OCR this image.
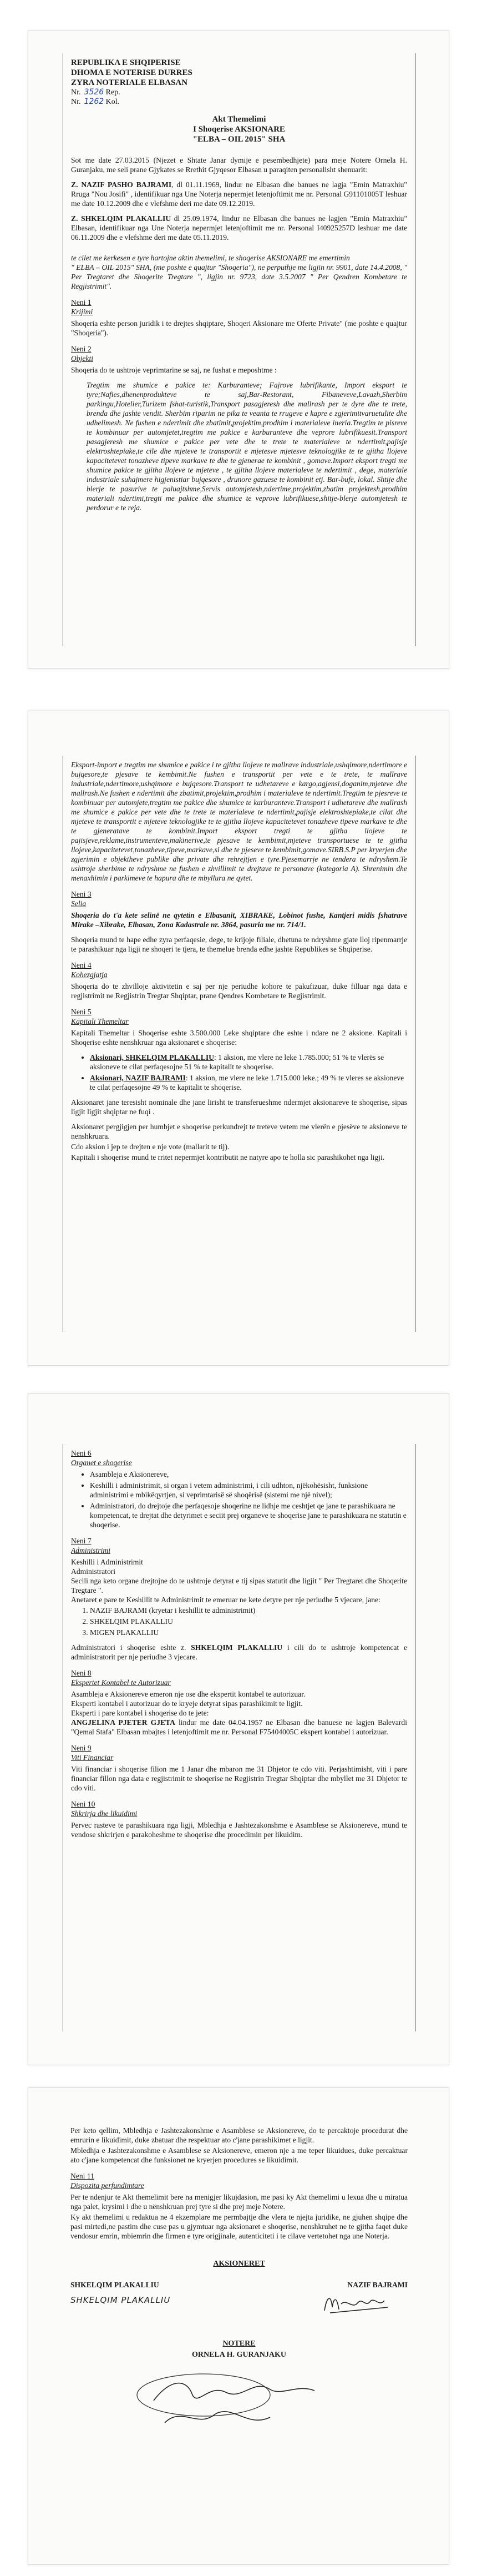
REPUBLIKA E SHQIPERISE
DHOMA E NOTERISE DURRES
ZYRA NOTERIALE ELBASAN
Nr. 3526 Rep.
Nr. 1262 Kol.
Akt Themelimi
I Shoqerise AKSIONARE
"ELBA – OIL 2015" SHA

Sot me date 27.03.2015 (Njezet e Shtate Janar dymije e pesembedhjete) para meje Notere Ornela H. Guranjaku, me seli prane Gjykates se Rrethit Gjyqesor Elbasan u paraqiten personalisht shenuarit:

Z. NAZIF PASHO BAJRAMI, dl 01.11.1969, lindur ne Elbasan dhe banues ne lagja "Emin Matraxhiu" Rruga "Nou Josifi" , identifikuar nga Une Noterja nepermjet letenjoftimit me nr. Personal G91101005T leshuar me date 10.12.2009 dhe e vlefshme deri me date 09.12.2019.

Z. SHKELQIM PLAKALLIU dl 25.09.1974, lindur ne Elbasan dhe banues ne lagjen "Emin Matraxhiu" Elbasan, identifikuar nga Une Noterja nepermjet letenjoftimit me nr. Personal I40925257D leshuar me date 06.11.2009 dhe e vlefshme deri me date 05.11.2019.

te cilet me kerkesen e tyre hartojne aktin themelimi, te shoqerise AKSIONARE me emertimin

" ELBA – OIL 2015" SHA, (me poshte e quajtur "Shoqeria"), ne perputhje me ligjin nr. 9901, date 14.4.2008, " Per Tregtaret dhe Shoqerite Tregtare ", ligjin nr. 9723, date 3.5.2007 " Per Qendren Kombetare te Regjistrimit".

Neni 1
Krijimi

Shoqeria eshte person juridik i te drejtes shqiptare, Shoqeri Aksionare me Oferte Private" (me poshte e quajtur "Shoqeria").

Neni 2
Objekti

Shoqeria do te ushtroje veprimtarine se saj, ne fushat e meposhtme :

Tregtim me shumice e pakice te: Karburanteve; Fajrove lubrifikante, Import eksport te tyre;Nafies,dhenenprodukteve te saj,Bar-Restorant, Fibaneveve,Lavazh,Sherbim parkingu,Hotelier,Turizem fshat-turistik,Transport pasagjeresh dhe mallrash per te dyre dhe te trete, brenda dhe jashte vendit. Sherbim riparim ne pika te veanta te rrugeve e kapre e zgjerimitvaruetulite dhe udhelimesh. Ne fushen e ndertimit dhe zbatimit,projektim,prodhim i materialeve ineria.Tregtim te pisreve te kombinuar per automjetet,tregtim me pakice e karburanteve dhe veprore lubrifikuesit.Transport pasagjeresh me shumice e pakice per vete dhe te trete te materialeve te ndertimit,pajisje elektroshtepiake,te cile dhe mjeteve te transportit e mjetesve mjetesve teknologjike te te gjitha llojeve kapacitetevet tonazheve tipeve markave te dhe te gjenerae te kombinit , gomave.Import eksport tregti me shumice pakice te gjitha llojeve te mjeteve , te gjitha llojeve materialeve te ndertimit , dege, materiale industriale suhajmere higjenistiar bujqesore , drunore gazuese te kombinit etj. Bar-bufe, lokal. Shtije dhe blerje te pasurive te paluajtshme,Servis automjetesh,ndertime,projektim,zbatim projektesh,prodhim materiali ndertimi,tregti me pakice dhe shumice te veprove lubrifikuese,shitje-blerje automjetesh te perdorur e te reja.

Eksport-import e tregtim me shumice e pakice i te gjitha llojeve te mallrave industriale,ushqimore,ndertimore e bujqesore,te pjesave te kembimit.Ne fushen e transportit per vete e te trete, te mallrave industriale,ndertimore,ushqimore e bujqesore.Transport te udhetareve e kargo,agjensi,doganim,mjeteve dhe mallrash.Ne fushen e ndertimit dhe zbatimit,projektim,prodhim i materialeve te ndertimit.Tregtim te pjesreve te kombinuar per automjete,tregtim me pakice dhe shumice te karburanteve.Transport i udhetareve dhe mallrash me shumice e pakice per vete dhe te trete te materialeve te ndertimit,pajisje elektroshtepiake,te cilat dhe mjeteve te transportit e mjeteve teknologjike te te gjitha llojeve kapacitetevet tonazheve tipeve markave te dhe te gjeneratave te kombinit.Import eksport tregti te gjitha llojeve te pajisjeve,reklame,instrumenteve,makinerive,te pjesave te kembimit,mjeteve transportuese te te gjitha llojeve,kapacitetevet,tonazheve,tipeve,markave,si dhe te pjeseve te kembimit,gomave.SIRB.S.P per kryerjen dhe zgjerimin e objektheve publike dhe private dhe rehrejtjen e tyre.Pjesemarrje ne tendera te ndryshem.Te ushtroje sherbime te ndryshme ne fushen e zhvillimit te drejtave te personave (kategoria A). Shrenimin dhe menaxhimin i parkimeve te hapura dhe te mbyllura ne qytet.

Neni 3
Selia

Shoqeria do t'a kete selinë ne qytetin e Elbasanit, XIBRAKE, Lobinot fushe, Kantjeri midis fshatrave Mirake –Xibrake, Elbasan, Zona Kadastrale nr. 3864, pasuria me nr. 714/1.

Shoqeria mund te hape edhe zyra perfaqesie, dege, te krijoje filiale, dhetuna te ndryshme gjate lloj ripenmarrje te parashikuar nga ligji ne shoqeri te tjera, te themelue brenda edhe jashte Republikes se Shqiperise.

Neni 4
Kohezgjatja

Shoqeria do te zhvilloje aktivitetin e saj per nje periudhe kohore te pakufizuar, duke filluar nga data e regjistrimit ne Regjistrin Tregtar Shqiptar, prane Qendres Kombetare te Regjistrimit.

Neni 5
Kapitali Themeltar

Kapitali Themeltar i Shoqerise eshte 3.500.000 Leke shqiptare dhe eshte i ndare ne 2 aksione. Kapitali i Shoqerise eshte nenshkruar nga aksionaret e shoqerise:

• Aksionari, SHKELQIM PLAKALLIU: 1 aksion, me vlere ne leke 1.785.000; 51 % te vlerës se aksioneve te cilat perfaqesojne 51 % te kapitalit te shoqerise.
• Aksionari, NAZIF BAJRAMI: 1 aksion, me vlere ne leke 1.715.000 leke.; 49 % te vleres se aksioneve te cilat perfaqesojne 49 % te kapitalit te shoqerise.

Aksionaret jane teresisht nominale dhe jane lirisht te transferueshme ndermjet aksionareve te shoqerise, sipas ligjit ligjit shqiptar ne fuqi .

Aksionaret pergjigjen per humbjet e shoqerise perkundrejt te treteve vetem me vlerën e pjesëve te aksioneve te nenshkruara.

Cdo aksion i jep te drejten e nje vote (mallarit te tij).

Kapitali i shoqerise mund te rritet nepermjet kontributit ne natyre apo te holla sic parashikohet nga ligji.

Neni 6
Organet e shoqerise
• Asambleja e Aksionereve,
• Keshilli i administrimit, si organ i vetem administrimi, i cili udhton, njëkohësisht, funksione administrimi e mbikëqyrtjen, si veprimtarisë së shoqërisë (sistemi me një nivel);
• Administratori, do drejtoje dhe perfaqesoje shoqerine ne lidhje me ceshtjet qe jane te parashikuara ne kompetencat, te drejtat dhe detyrimet e seciit prej organeve te shoqerise jane te parashikuara ne statutin e shoqerise.
Neni 7
Administrimi

Keshilli i Administrimit

Administratori

Secili nga keto organe drejtojne do te ushtroje detyrat e tij sipas statutit dhe ligjit " Per Tregtaret dhe Shoqerite Tregtare ".

Anetaret e pare te Keshillit te Administrimit te emeruar ne kete detyre per nje periudhe 5 vjecare, jane:

1. NAZIF BAJRAMI (kryetar i keshillit te administrimit)
2. SHKELQIM PLAKALLIU
3. MIGEN PLAKALLIU

Administratori i shoqerise eshte z. SHKELQIM PLAKALLIU i cili do te ushtroje kompetencat e administratorit per nje periudhe 3 vjecare.

Neni 8
Ekspertet Kontabel te Autorizuar

Asambleja e Aksionereve emeron nje ose dhe ekspertit kontabel te autorizuar.

Eksperti kontabel i autorizuar do te kryeje detyrat sipas parashikimit te ligjit.

Eksperti i pare kontabel i shoqerise do te jete:

ANGJELINA PJETER GJETA lindur me date 04.04.1957 ne Elbasan dhe banuese ne lagjen Balevardi "Qemal Stafa" Elbasan mbajtes i letenjoftimit me nr. Personal F75404005C ekspert kontabel i autorizuar.

Neni 9
Viti Financiar

Viti financiar i shoqerise filion me 1 Janar dhe mbaron me 31 Dhjetor te cdo viti. Perjashtimisht, viti i pare financiar fillon nga data e regjistrimit te shoqerise ne Regjistrin Tregtar Shqiptar dhe mbyllet me 31 Dhjetor te cdo viti.

Neni 10
Shkrirja dhe likuidimi

Pervec rasteve te parashikuara nga ligji, Mbledhja e Jashtezakonshme e Asamblese se Aksionereve, mund te vendose shkrirjen e parakoheshme te shoqerise dhe procedimin per likuidim.

Per keto qellim, Mbledhja e Jashtezakonshme e Asamblese se Aksionereve, do te percaktoje procedurat dhe emrurin e likuidimit, duke zbatuar dhe respektuar ato c'jane parashikimet e ligjit.

Mbledhja e Jashtezakonshme e Asamblese se Aksionereve, emeron nje a me teper likuidues, duke percaktuar ato c'jane kompetencat dhe funksionet ne kryerjen procedures se likuidimit.

Neni 11
Dispozita perfundimtare

Per te ndenjur te Akt themelimit bere na menigjer likujdasion, me pasi ky Akt themelimi u lexua dhe u miratua nga palet, krysimi i dhe u nënshkruan prej tyre si dhe prej meje Notere.

Ky akt themelimi u redaktua ne 4 ekzemplare me permbajtje dhe vlera te njejta juridike, ne gjuhen shqipe dhe pasi mirtedi,ne pastim dhe cuse pas u gjymtuar nga aksionaret e shoqerise, nenshkruhet ne te gjitha faqet duke vendosur emrin, mbiemrin dhe firmen e tyre origjinale, autenticiteti i te cilave vertetohet nga une Noterja.

AKSIONERET
SHKELQIM PLAKALLIU
SHKELQIM PLAKALLIU
NAZIF BAJRAMI
NOTERE
ORNELA H. GURANJAKU
